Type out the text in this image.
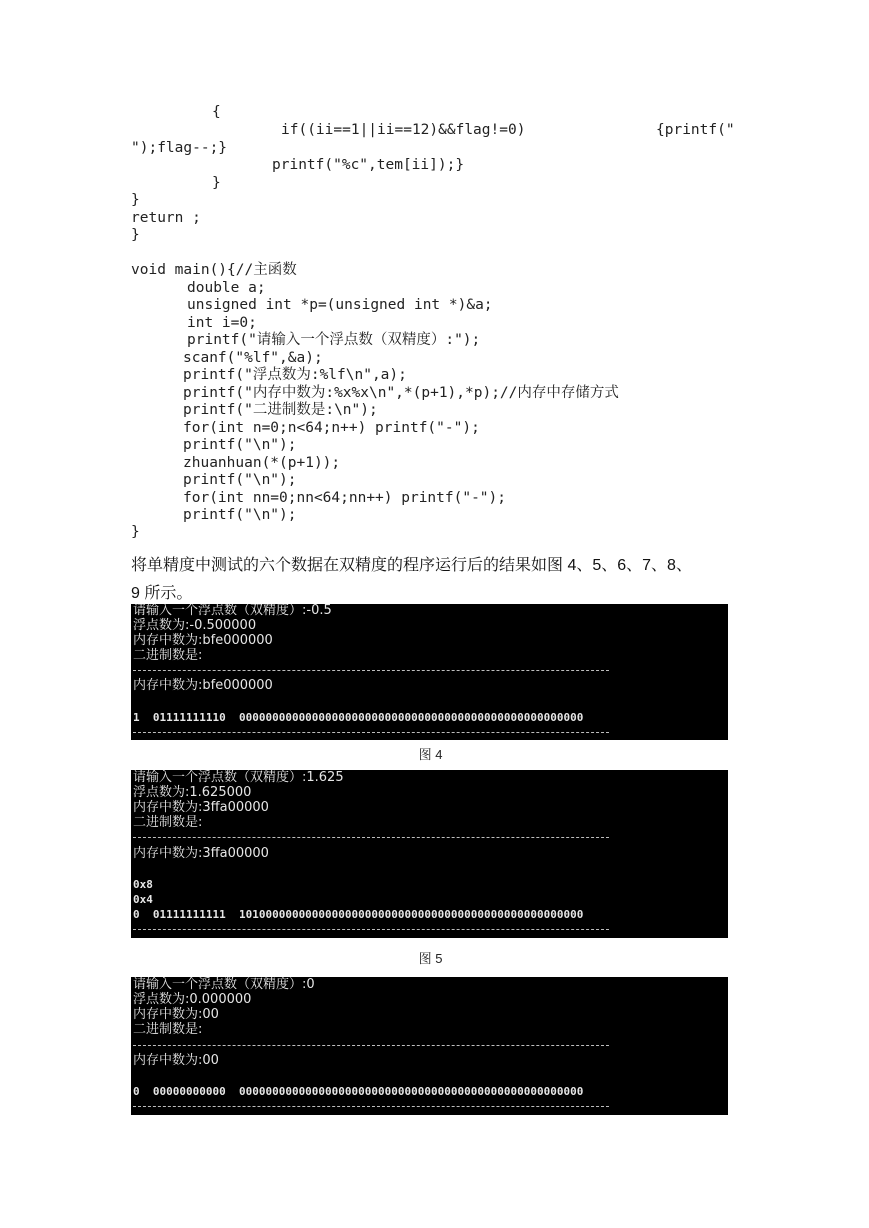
{
if((ii==1||ii==12)&&flag!=0)	{printf("
");flag--;}
printf("%c",tem[ii]);}
}
}
return ;
}
void main(){//主函数
double a;
unsigned int *p=(unsigned int *)&a;
int i=0;
printf("请输入一个浮点数（双精度）:");
scanf("%lf",&a);
printf("浮点数为:%lf\n",a);
printf("内存中数为:%x%x\n",*(p+1),*p);//内存中存储方式
printf("二进制数是:\n");
for(int n=0;n<64;n++) printf("-");
printf("\n");
zhuanhuan(*(p+1));
printf("\n");
for(int nn=0;nn<64;nn++) printf("-");
printf("\n");
}
将单精度中测试的六个数据在双精度的程序运行后的结果如图 4、5、6、7、8、
9 所示。
请输入一个浮点数（双精度）:-0.5
浮点数为:-0.500000
内存中数为:bfe000000
二进制数是:
内存中数为:bfe000000
1  01111111110  0000000000000000000000000000000000000000000000000000
图 4
请输入一个浮点数（双精度）:1.625
浮点数为:1.625000
内存中数为:3ffa00000
二进制数是:
内存中数为:3ffa00000
0x8
0x4
0  01111111111  1010000000000000000000000000000000000000000000000000
图 5
请输入一个浮点数（双精度）:0
浮点数为:0.000000
内存中数为:00
二进制数是:
内存中数为:00
0  00000000000  0000000000000000000000000000000000000000000000000000
